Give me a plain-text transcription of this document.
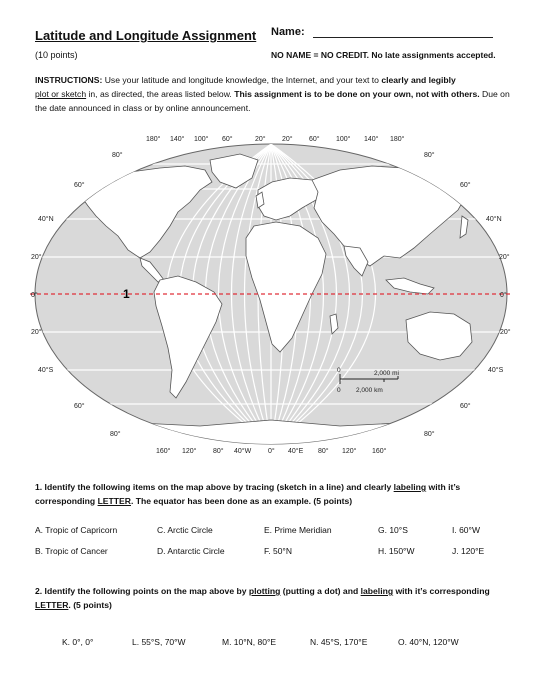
Latitude and Longitude Assignment
(10 points)
Name:
NO NAME = NO CREDIT. No late assignments accepted.
INSTRUCTIONS: Use your latitude and longitude knowledge, the Internet, and your text to clearly and legibly
plot or sketch in, as directed, the areas listed below. This assignment is to be done on your own, not with others. Due on the date announced in class or by online announcement.
1
180° 140° 100° 60°	20° 20° 60° 100° 140° 180°
160° 120° 80° 40°W 0° 40°E 80° 120° 160°
80°
60°
40°N
20°
0°
20°
40°S
60°
80°
80°
60°
40°N
20°
0°
20°
40°S
60°
80°
0	2,000 mi
0 2,000 km
1. Identify the following items on the map above by tracing (sketch in a line) and clearly labeling with it’s corresponding LETTER. The equator has been done as an example. (5 points)
A. Tropic of Capricorn	C. Arctic Circle	E. Prime Meridian	G. 10°S	I. 60°W
B. Tropic of Cancer	D. Antarctic Circle	F. 50°N	H. 150°W	J. 120°E
2. Identify the following points on the map above by plotting (putting a dot) and labeling with it’s corresponding
LETTER. (5 points)
K. 0°, 0°	L. 55°S, 70°W	M. 10°N, 80°E	N. 45°S, 170°E	O. 40°N, 120°W
